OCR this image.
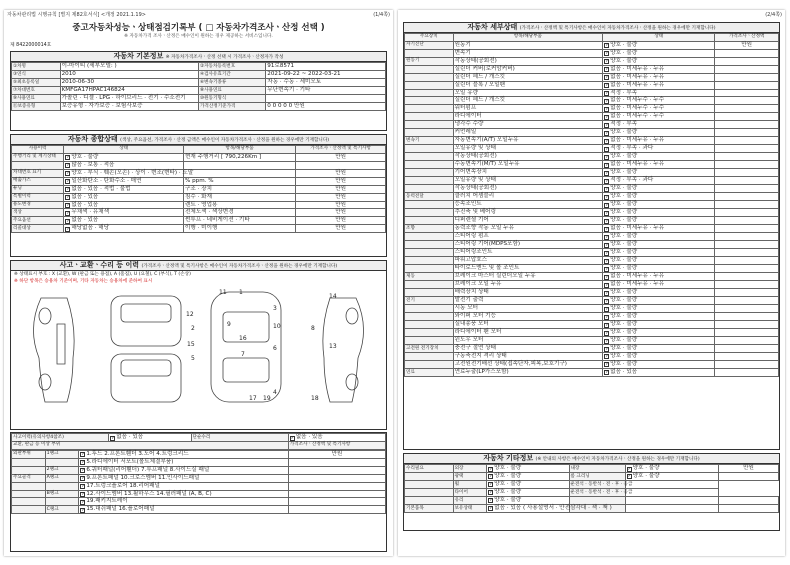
자동차관리법 시행규칙 [별지 제82호서식] <개정 2021.1.19>	(1/4쪽)
중고자동차성능ㆍ상태점검기록부 ( □ 자동차가격조사ㆍ산정 선택 )
※ 자동차가격 조사ㆍ산정은 매수인이 원하는 경우 제공하는 서비스입니다.
제 8422000014호
자동차 기본정보 ※ 자동차가격조사ㆍ산정 선택 시 가격조사ㆍ산정자가 작성
①차명	이-마이티 (세부모델: )	②자동차등록번호	91로8571
③연식	2010	④검사유효기간	2021-09-22 ~ 2022-03-21
⑤최초등록일	2010-06-30	⑥변속기종류	자동 · 수동 · 세미오토
⑦차대번호	KMFGA17HPAC146824	⑧사용연료	무단변속기 · 기타
⑨사용연료	가솔린 · 디젤 · LPG · 하이브리드 · 전기 · 수소전기	⑩원동기형식	
⑪보증유형	보증유형 · 자가보증 · 보험사보증	가격산정기준가격	0 0 0 0 0 만원
자동차 종합상태 (색상, 주요옵션, 가격조사ㆍ산정 금액은 매수인이 자동차가격조사ㆍ산정을 원하는 경우에만 기재합니다)
사용이력	상태	항목/해당부품	가격조사ㆍ산정액 및 특기사항
주행거리 및 계기상태	✓양호 · 불량	현재 주행거리 [ 790,226Km ]	만원
	✓많음 · 보통 · 적음		
차대번호 표기	✓양호 · 부식 · 훼손(오손) · 상이 · 변조(변타) · 도말		만원
배출가스	✓일산화탄소 · 탄화수소 · 매연	% ppm. %	만원
튜닝	✓없음 · 있음 · 적법 · 불법	구조 · 장치	만원
특별이력	✓없음 · 있음	침수 · 화재	만원
용도변경	✓없음 · 있음	렌트 · 영업용	만원
색상	✓무채색 · 유채색	전체도색 · 색상변경	만원
주요옵션	✓없음 · 있음	썬루프 · 네비게이션 · 기타	만원
리콜대상	✓해당없음 · 해당	이행 · 미이행	만원
사고ㆍ교환ㆍ수리 등 이력 (가격조사ㆍ산정액 및 특기사항은 매수인이 자동차가격조사ㆍ산정을 원하는 경우에만 기재합니다)
※ 상태표시 부호 : X (교환), W (판금 또는 용접), A (흠집), U (요철), C (부식), T (손상)
※ 하단 항목은 승용차 기준이며, 기타 자동차는 승용차에 준하여 표시
1
2
3
4
5
6
7
8
9	10
11
12
13
14
15
16
17	18
19
사고이력(유의사항4참조)	✓없음 · 있음	단순수리	✓없음 · 있음
교환, 판금 등 이상 부위			가격조사ㆍ산정액 및 특기사항
외판부위	1랭크	✓1.후드 2.프론트휀더 3.도어 4.트렁크리드	만원
		✓5.라디에이터 서포트(볼트체결부품)	
	2랭크	✓6.쿼터패널(리어휀더) 7.루프패널 8.사이드실 패널	
주요골격	A랭크	✓9.프론트패널 10.크로스멤버 11.인사이드패널	
		✓17.트렁크플로어 18.리어패널	
	B랭크	✓12.사이드멤버 13.휠하우스 14.필러패널 (A, B, C)	
		✓19.패키지트레이	
	C랭크	✓15.대쉬패널 16.플로어패널	
(2/4쪽)
자동차 세부상태 (가격조사ㆍ산정액 및 특기사항은 매수인이 자동차가격조사ㆍ산정을 원하는 경우에만 기재합니다)
주요장치	항목/해당부품	상태	가격조사ㆍ산정액
자기진단	원동기	✓양호 · 불량	만원
	변속기	✓양호 · 불량	
원동기	작동상태(공회전)	✓양호 · 불량	
	실린더 커버(로커암커버)	✓없음 · 미세누유 · 누유	
	실린더 헤드 / 개스킷	✓없음 · 미세누유 · 누유	
	실린더 블록 / 오일팬	✓없음 · 미세누유 · 누유	
	오일 유량	✓적정 · 부족	
	실린더 헤드 / 개스킷	✓없음 · 미세누수 · 누수	
	워터펌프	✓없음 · 미세누수 · 누수	
	라디에이터	✓없음 · 미세누수 · 누수	
	냉각수 수량	✓적정 · 부족	
	커먼레일	✓양호 · 불량	
변속기	자동변속기(A/T) 오일누유	✓없음 · 미세누유 · 누유	
	오일유량 및 상태	✓적정 · 부족 · 과다	
	작동상태(공회전)	✓양호 · 불량	
	수동변속기(M/T) 오일누유	✓없음 · 미세누유 · 누유	
	기어변속장치	✓양호 · 불량	
	오일유량 및 상태	✓적정 · 부족 · 과다	
	작동상태(공회전)	✓양호 · 불량	
동력전달	클러치 어셈블리	✓양호 · 불량	
	등속조인트	✓양호 · 불량	
	추진축 및 베어링	✓양호 · 불량	
	디퍼렌셜 기어	✓양호 · 불량	
조향	동력조향 작동 오일 누유	✓없음 · 미세누유 · 누유	
	스티어링 펌프	✓양호 · 불량	
	스티어링 기어(MDPS포함)	✓양호 · 불량	
	스티어링조인트	✓양호 · 불량	
	파워고압호스	✓양호 · 불량	
	타이로드엔드 및 볼 조인트	✓양호 · 불량	
제동	브레이크 마스터 실린더오일 누유	✓없음 · 미세누유 · 누유	
	브레이크 오일 누유	✓없음 · 미세누유 · 누유	
	배력장치 상태	✓양호 · 불량	
전기	발전기 출력	✓양호 · 불량	
	시동 모터	✓양호 · 불량	
	와이퍼 모터 기능	✓양호 · 불량	
	실내송풍 모터	✓양호 · 불량	
	라디에이터 팬 모터	✓양호 · 불량	
	윈도우 모터	✓양호 · 불량	
고전원 전기장치	충전구 절연 상태	✓양호 · 불량	
	구동축전지 격리 상태	✓양호 · 불량	
	고전원전기배선 상태(접속단자,피복,보호기구)	✓양호 · 불량	
연료	연료누출(LP가스포함)	✓없음 · 있음	
자동차 기타정보 (※ 안내의 사항은 매수인이 자동차가격조사ㆍ산정을 원하는 경우에만 기재합니다)
수리필요	외장	✓양호 · 불량	내장	✓양호 · 불량	만원
	광택	✓양호 · 불량	룸 크리닝	✓양호 · 불량	
	휠	✓양호 · 불량	운전석 · 동반석 · 전 · 후 · 응급		
	타이어	✓양호 · 불량	운전석 · 동반석 · 전 · 후 · 응급		
	유리	✓양호 · 불량			
기본품목	보유상태	✓없음 · 있음 ( 사용설명서 · 안전삼각대 · 잭 · 책 )			
